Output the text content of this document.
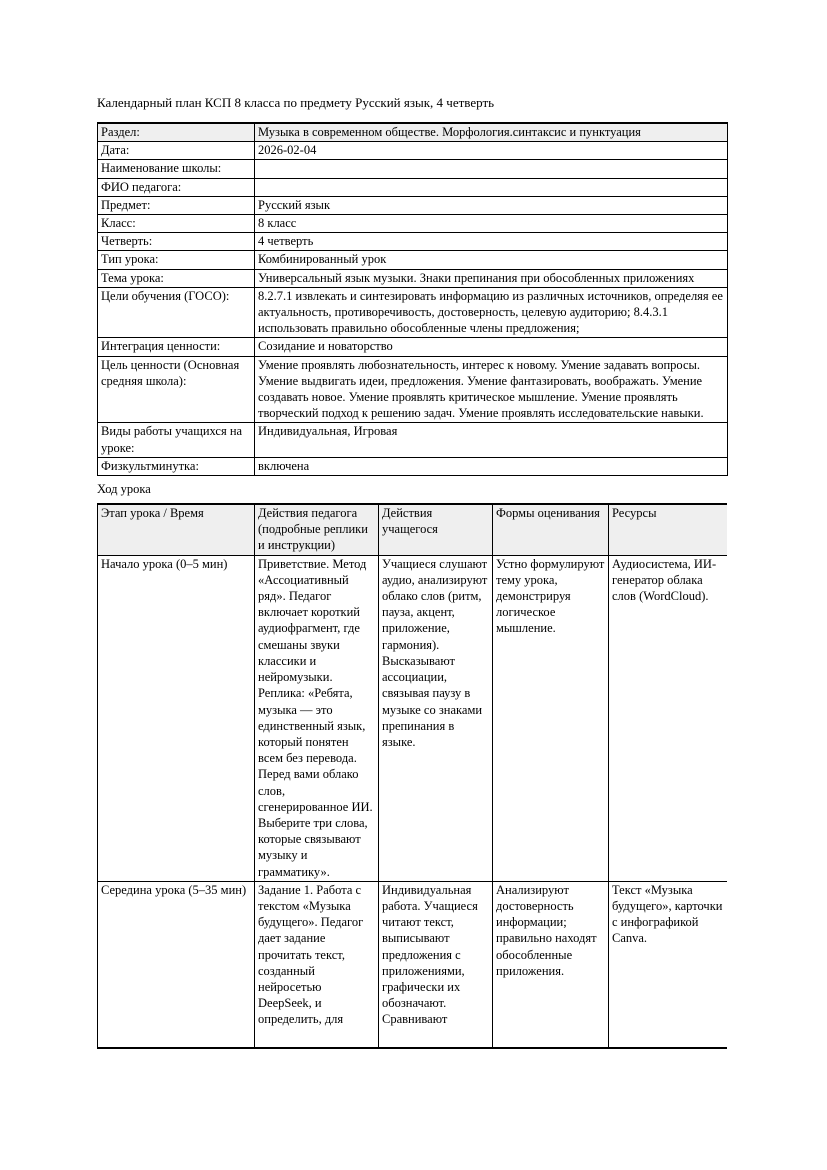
Календарный план КСП 8 класса по предмету Русский язык, 4 четверть

Раздел:	Музыка в современном обществе. Морфология.синтаксис и пунктуация
Дата:	2026-02-04
Наименование школы:	
ФИО педагога:	
Предмет:	Русский язык
Класс:	8 класс
Четверть:	4 четверть
Тип урока:	Комбинированный урок
Тема урока:	Универсальный язык музыки. Знаки препинания при обособленных приложениях
Цели обучения (ГОСО):	8.2.7.1 извлекать и синтезировать информацию из различных источников, определяя ее актуальность, противоречивость, достоверность, целевую аудиторию; 8.4.3.1 использовать правильно обособленные члены предложения;
Интеграция ценности:	Созидание и новаторство
Цель ценности (Основная средняя школа):	Умение проявлять любознательность, интерес к новому. Умение задавать вопросы. Умение выдвигать идеи, предложения. Умение фантазировать, воображать. Умение создавать новое. Умение проявлять критическое мышление. Умение проявлять творческий подход к решению задач. Умение проявлять исследовательские навыки.
Виды работы учащихся на уроке:	Индивидуальная, Игровая
Физкультминутка:	включена

Ход урока

Этап урока / Время	Действия педагога (подробные реплики и инструкции)	Действия учащегося	Формы оценивания	Ресурсы
Начало урока (0–5 мин)	Приветствие. Метод «Ассоциативный ряд». Педагог включает короткий аудиофрагмент, где смешаны звуки классики и нейромузыки. Реплика: «Ребята, музыка — это единственный язык, который понятен всем без перевода. Перед вами облако слов, сгенерированное ИИ. Выберите три слова, которые связывают музыку и грамматику».	Учащиеся слушают аудио, анализируют облако слов (ритм, пауза, акцент, приложение, гармония). Высказывают ассоциации, связывая паузу в музыке со знаками препинания в языке.	Устно формулируют тему урока, демонстрируя логическое мышление.	Аудиосистема, ИИ-генератор облака слов (WordCloud).
Середина урока (5–35 мин)	Задание 1. Работа с текстом «Музыка будущего». Педагог дает задание прочитать текст, созданный нейросетью DeepSeek, и определить, для	Индивидуальная работа. Учащиеся читают текст, выписывают предложения с приложениями, графически их обозначают. Сравнивают	Анализируют достоверность информации; правильно находят обособленные приложения.	Текст «Музыка будущего», карточки с инфографикой Canva.
